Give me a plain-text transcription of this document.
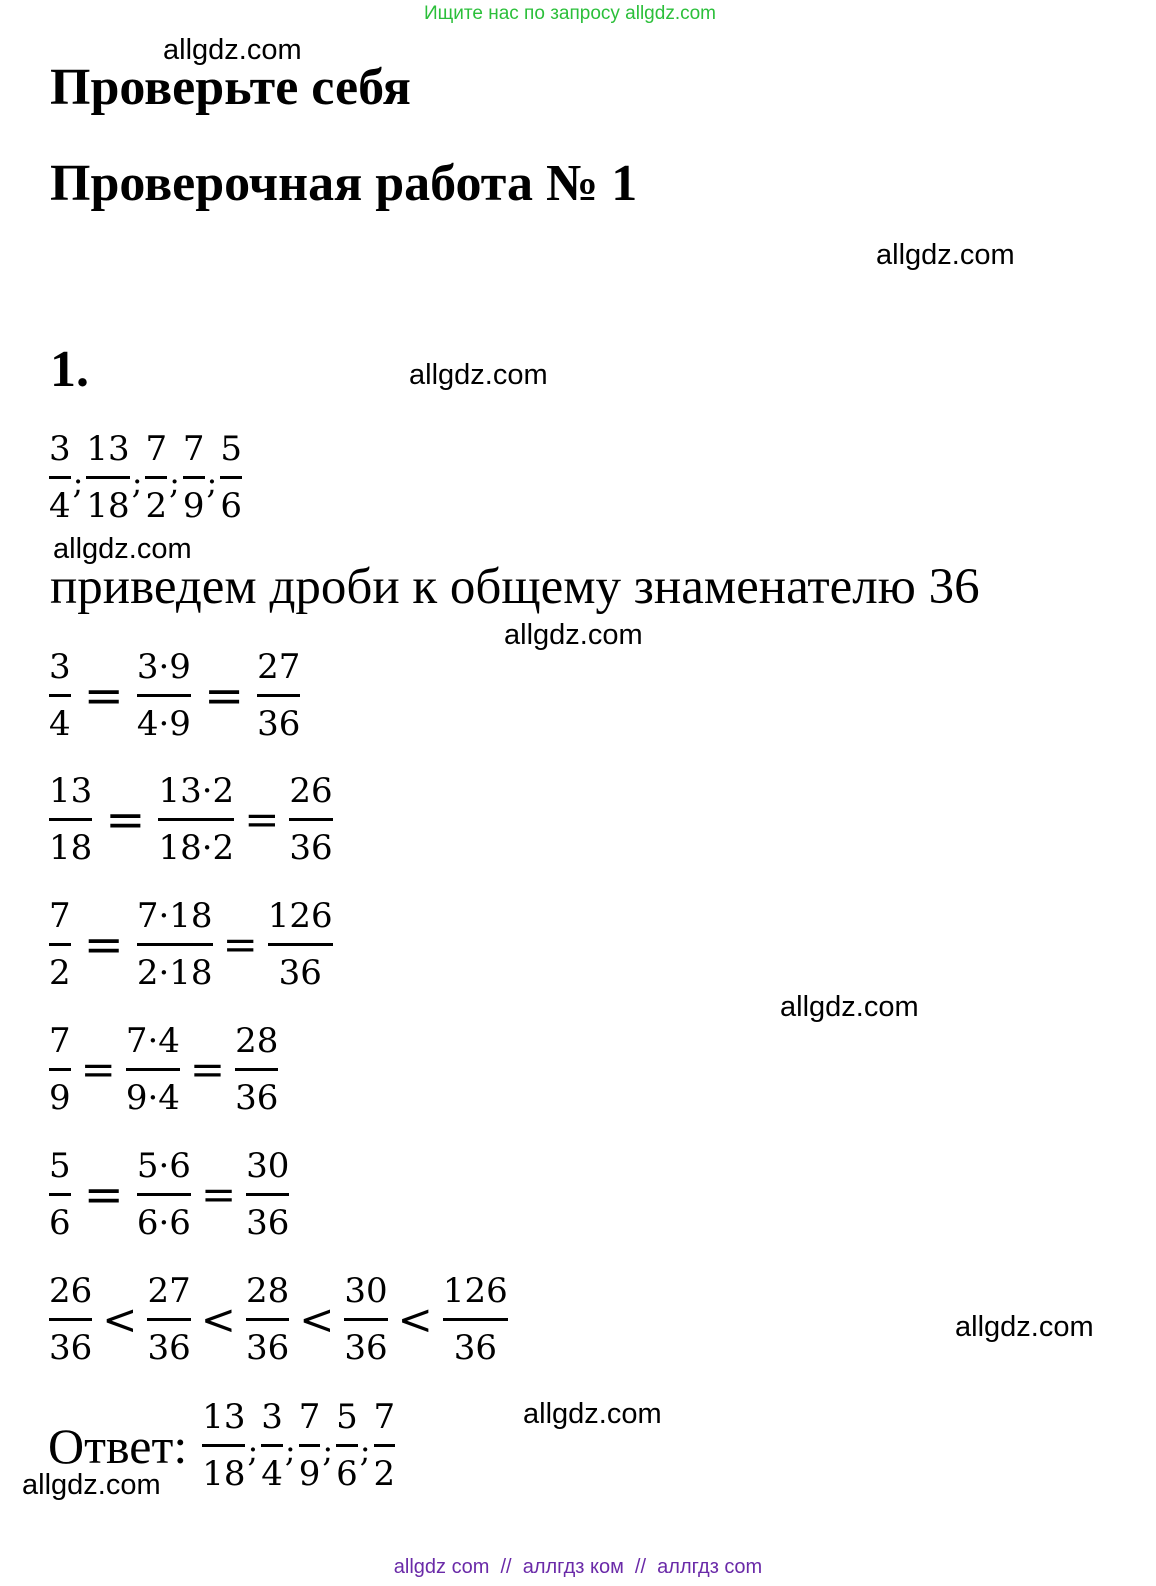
Ищите нас по запросу allgdz.com
allgdz.com
allgdz.com
allgdz.com
allgdz.com
allgdz.com
allgdz.com
allgdz.com
allgdz.com
allgdz.com
Проверьте себя
Проверочная работа № 1
1.
$\frac{3}{4}$ ; $\frac{13}{18}$ ; $\frac{7}{2}$ ; $\frac{7}{9}$ ; $\frac{5}{6}$
приведем дроби к общему знаменателю 36
$\frac{3}{4} = \frac{3\cdot 9}{4\cdot 9} = \frac{27}{36}$
$\frac{13}{18} = \frac{13\cdot 2}{18\cdot 2} = \frac{26}{36}$
$\frac{7}{2} = \frac{7\cdot 18}{2\cdot 18} = \frac{126}{36}$
$\frac{7}{9} = \frac{7\cdot 4}{9\cdot 4} = \frac{28}{36}$
$\frac{5}{6} = \frac{5\cdot 6}{6\cdot 6} = \frac{30}{36}$
$\frac{26}{36} < \frac{27}{36} < \frac{28}{36} < \frac{30}{36} < \frac{126}{36}$
Ответ: $\frac{13}{18}$ ; $\frac{3}{4}$ ; $\frac{7}{9}$ ; $\frac{5}{6}$ ; $\frac{7}{2}$
allgdz com  //  аллгдз ком  //  аллгдз com
